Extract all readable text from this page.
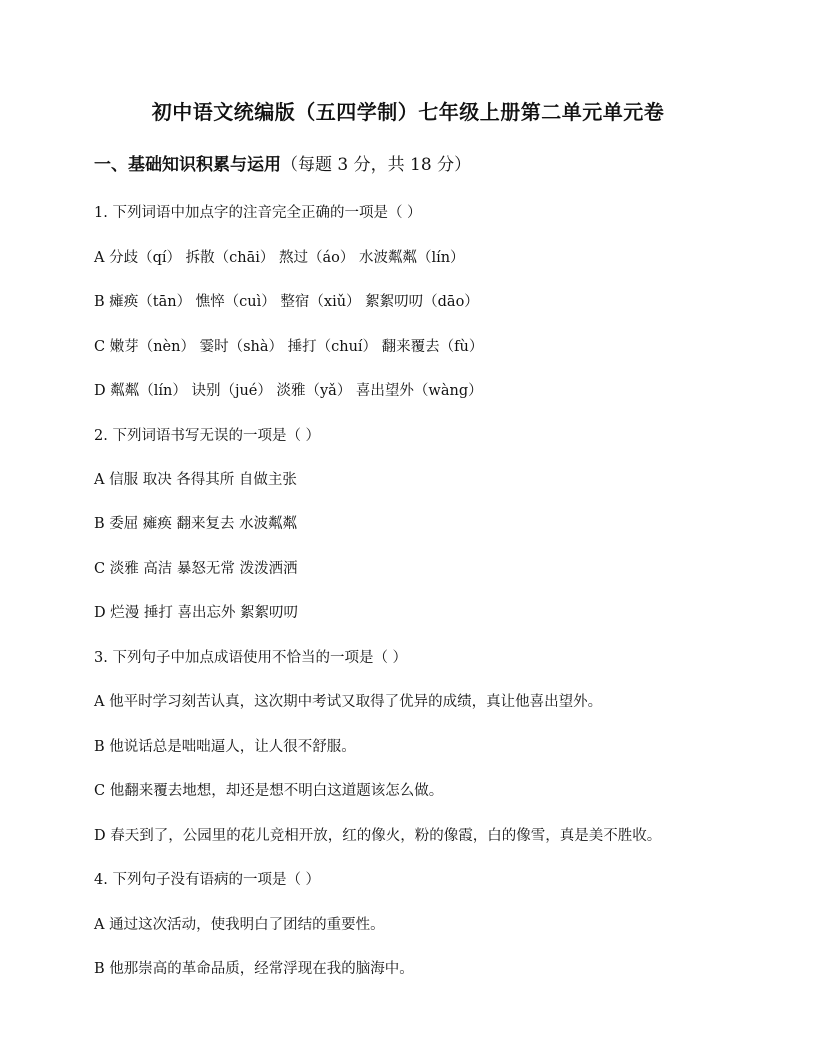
初中语文统编版（五四学制）七年级上册第二单元单元卷
一、基础知识积累与运用（每题 3 分，共 18 分）
1. 下列词语中加点字的注音完全正确的一项是（ ）
A 分歧（qí） 拆散（chāi） 熬过（áo） 水波粼粼（lín）
B 瘫痪（tān） 憔悴（cuì） 整宿（xiǔ） 絮絮叨叨（dāo）
C 嫩芽（nèn） 霎时（shà） 捶打（chuí） 翻来覆去（fù）
D 粼粼（lín） 诀别（jué） 淡雅（yǎ） 喜出望外（wàng）
2. 下列词语书写无误的一项是（ ）
A 信服 取决 各得其所 自做主张
B 委屈 瘫痪 翻来复去 水波粼粼
C 淡雅 高洁 暴怒无常 泼泼洒洒
D 烂漫 捶打 喜出忘外 絮絮叨叨
3. 下列句子中加点成语使用不恰当的一项是（ ）
A 他平时学习刻苦认真，这次期中考试又取得了优异的成绩，真让他喜出望外。
B 他说话总是咄咄逼人，让人很不舒服。
C 他翻来覆去地想，却还是想不明白这道题该怎么做。
D 春天到了，公园里的花儿竞相开放，红的像火，粉的像霞，白的像雪，真是美不胜收。
4. 下列句子没有语病的一项是（ ）
A 通过这次活动，使我明白了团结的重要性。
B 他那崇高的革命品质，经常浮现在我的脑海中。
